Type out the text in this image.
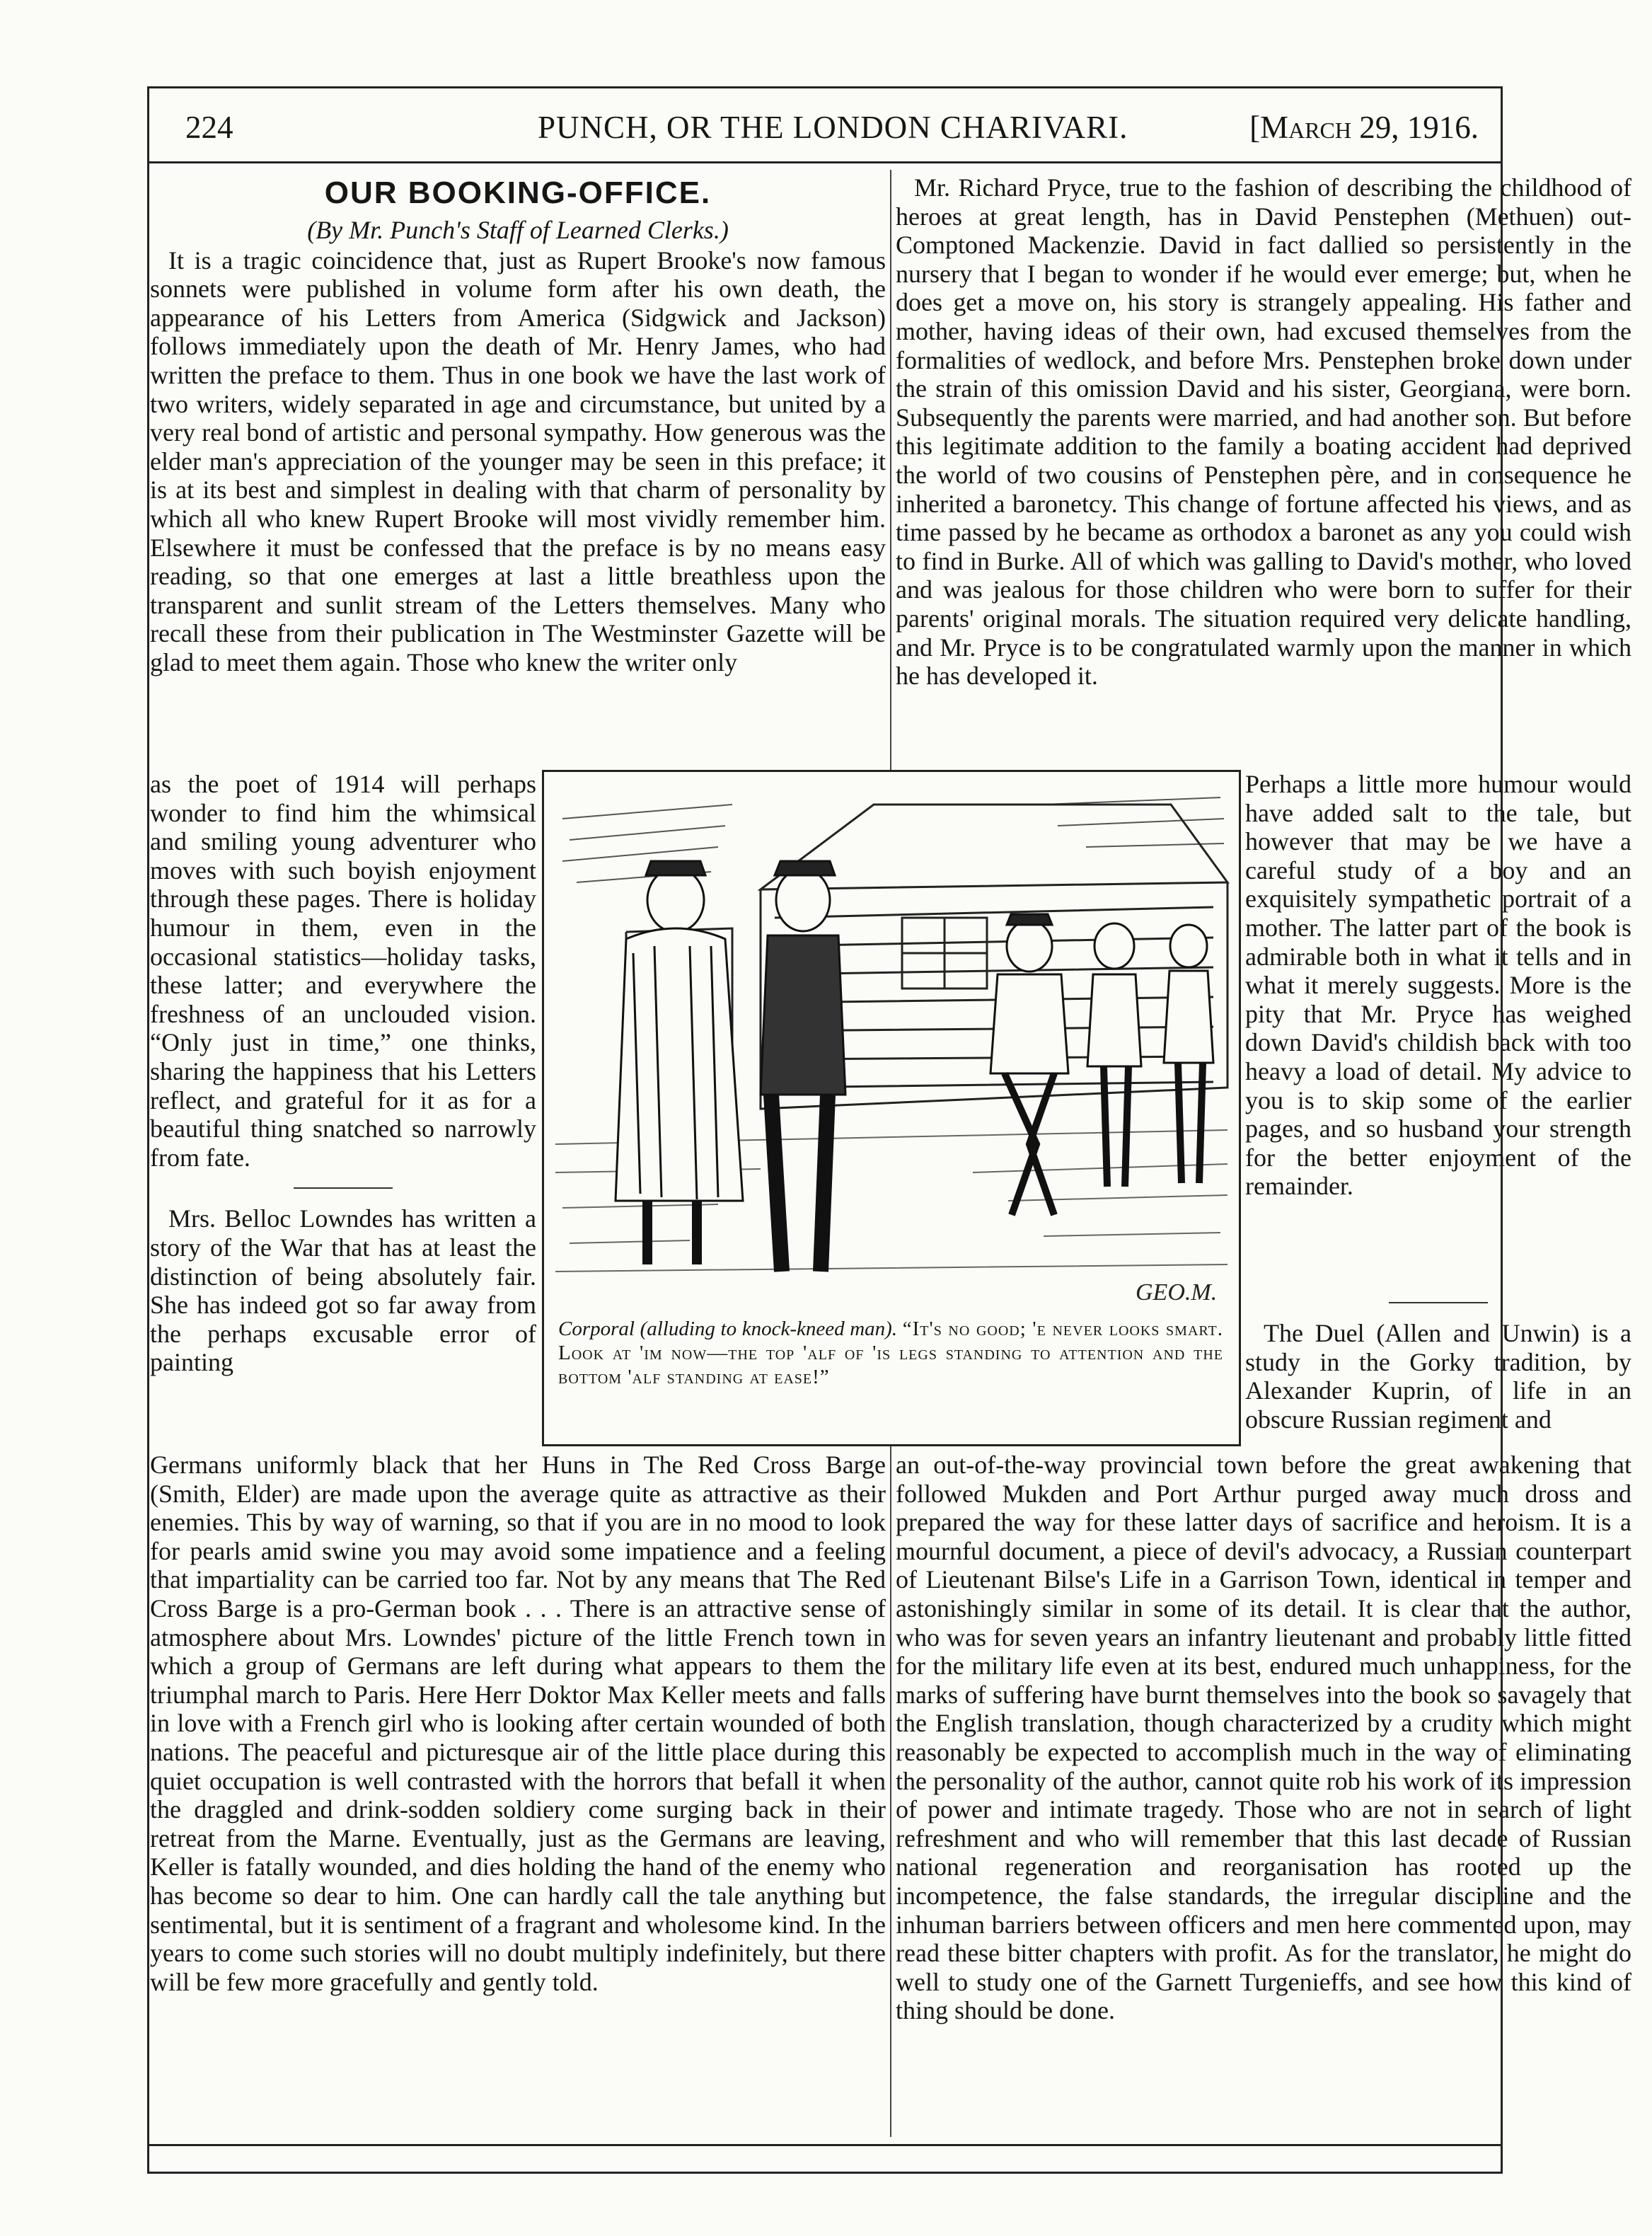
224	PUNCH, OR THE LONDON CHARIVARI.	[March 29, 1916.
OUR BOOKING-OFFICE.
(By Mr. Punch's Staff of Learned Clerks.)

It is a tragic coincidence that, just as Rupert Brooke's now famous sonnets were published in volume form after his own death, the appearance of his Letters from America (Sidgwick and Jackson) follows immediately upon the death of Mr. Henry James, who had written the preface to them. Thus in one book we have the last work of two writers, widely separated in age and circumstance, but united by a very real bond of artistic and personal sympathy. How generous was the elder man's appreciation of the younger may be seen in this preface; it is at its best and simplest in dealing with that charm of personality by which all who knew Rupert Brooke will most vividly remember him. Elsewhere it must be confessed that the preface is by no means easy reading, so that one emerges at last a little breathless upon the transparent and sunlit stream of the Letters themselves. Many who recall these from their publication in The Westminster Gazette will be glad to meet them again. Those who knew the writer only

as the poet of 1914 will perhaps wonder to find him the whimsical and smiling young adventurer who moves with such boyish enjoyment through these pages. There is holiday humour in them, even in the occasional statistics—holiday tasks, these latter; and everywhere the freshness of an unclouded vision. “Only just in time,” one thinks, sharing the happiness that his Letters reflect, and grateful for it as for a beautiful thing snatched so narrowly from fate.

Mrs. Belloc Lowndes has written a story of the War that has at least the distinction of being absolutely fair. She has indeed got so far away from the perhaps excusable error of painting

Germans uniformly black that her Huns in The Red Cross Barge (Smith, Elder) are made upon the average quite as attractive as their enemies. This by way of warning, so that if you are in no mood to look for pearls amid swine you may avoid some impatience and a feeling that impartiality can be carried too far. Not by any means that The Red Cross Barge is a pro-German book . . . There is an attractive sense of atmosphere about Mrs. Lowndes' picture of the little French town in which a group of Germans are left during what appears to them the triumphal march to Paris. Here Herr Doktor Max Keller meets and falls in love with a French girl who is looking after certain wounded of both nations. The peaceful and picturesque air of the little place during this quiet occupation is well contrasted with the horrors that befall it when the draggled and drink-sodden soldiery come surging back in their retreat from the Marne. Eventually, just as the Germans are leaving, Keller is fatally wounded, and dies holding the hand of the enemy who has become so dear to him. One can hardly call the tale anything but sentimental, but it is sentiment of a fragrant and wholesome kind. In the years to come such stories will no doubt multiply indefinitely, but there will be few more gracefully and gently told.

Mr. Richard Pryce, true to the fashion of describing the childhood of heroes at great length, has in David Penstephen (Methuen) out-Comptoned Mackenzie. David in fact dallied so persistently in the nursery that I began to wonder if he would ever emerge; but, when he does get a move on, his story is strangely appealing. His father and mother, having ideas of their own, had excused themselves from the formalities of wedlock, and before Mrs. Penstephen broke down under the strain of this omission David and his sister, Georgiana, were born. Subsequently the parents were married, and had another son. But before this legitimate addition to the family a boating accident had deprived the world of two cousins of Penstephen père, and in consequence he inherited a baronetcy. This change of fortune affected his views, and as time passed by he became as orthodox a baronet as any you could wish to find in Burke. All of which was galling to David's mother, who loved and was jealous for those children who were born to suffer for their parents' original morals. The situation required very delicate handling, and Mr. Pryce is to be congratulated warmly upon the manner in which he has developed it.

Perhaps a little more humour would have added salt to the tale, but however that may be we have a careful study of a boy and an exquisitely sympathetic portrait of a mother. The latter part of the book is admirable both in what it tells and in what it merely suggests. More is the pity that Mr. Pryce has weighed down David's childish back with too heavy a load of detail. My advice to you is to skip some of the earlier pages, and so husband your strength for the better enjoyment of the remainder.

The Duel (Allen and Unwin) is a study in the Gorky tradition, by Alexander Kuprin, of life in an obscure Russian regiment and

an out-of-the-way provincial town before the great awakening that followed Mukden and Port Arthur purged away much dross and prepared the way for these latter days of sacrifice and heroism. It is a mournful document, a piece of devil's advocacy, a Russian counterpart of Lieutenant Bilse's Life in a Garrison Town, identical in temper and astonishingly similar in some of its detail. It is clear that the author, who was for seven years an infantry lieutenant and probably little fitted for the military life even at its best, endured much unhappiness, for the marks of suffering have burnt themselves into the book so savagely that the English translation, though characterized by a crudity which might reasonably be expected to accomplish much in the way of eliminating the personality of the author, cannot quite rob his work of its impression of power and intimate tragedy. Those who are not in search of light refreshment and who will remember that this last decade of Russian national regeneration and reorganisation has rooted up the incompetence, the false standards, the irregular discipline and the inhuman barriers between officers and men here commented upon, may read these bitter chapters with profit. As for the translator, he might do well to study one of the Garnett Turgenieffs, and see how this kind of thing should be done.

GEO.M.
Corporal (alluding to knock-kneed man). “It's no good; 'e never looks smart. Look at 'im now—the top 'alf of 'is legs standing to attention and the bottom 'alf standing at ease!”
